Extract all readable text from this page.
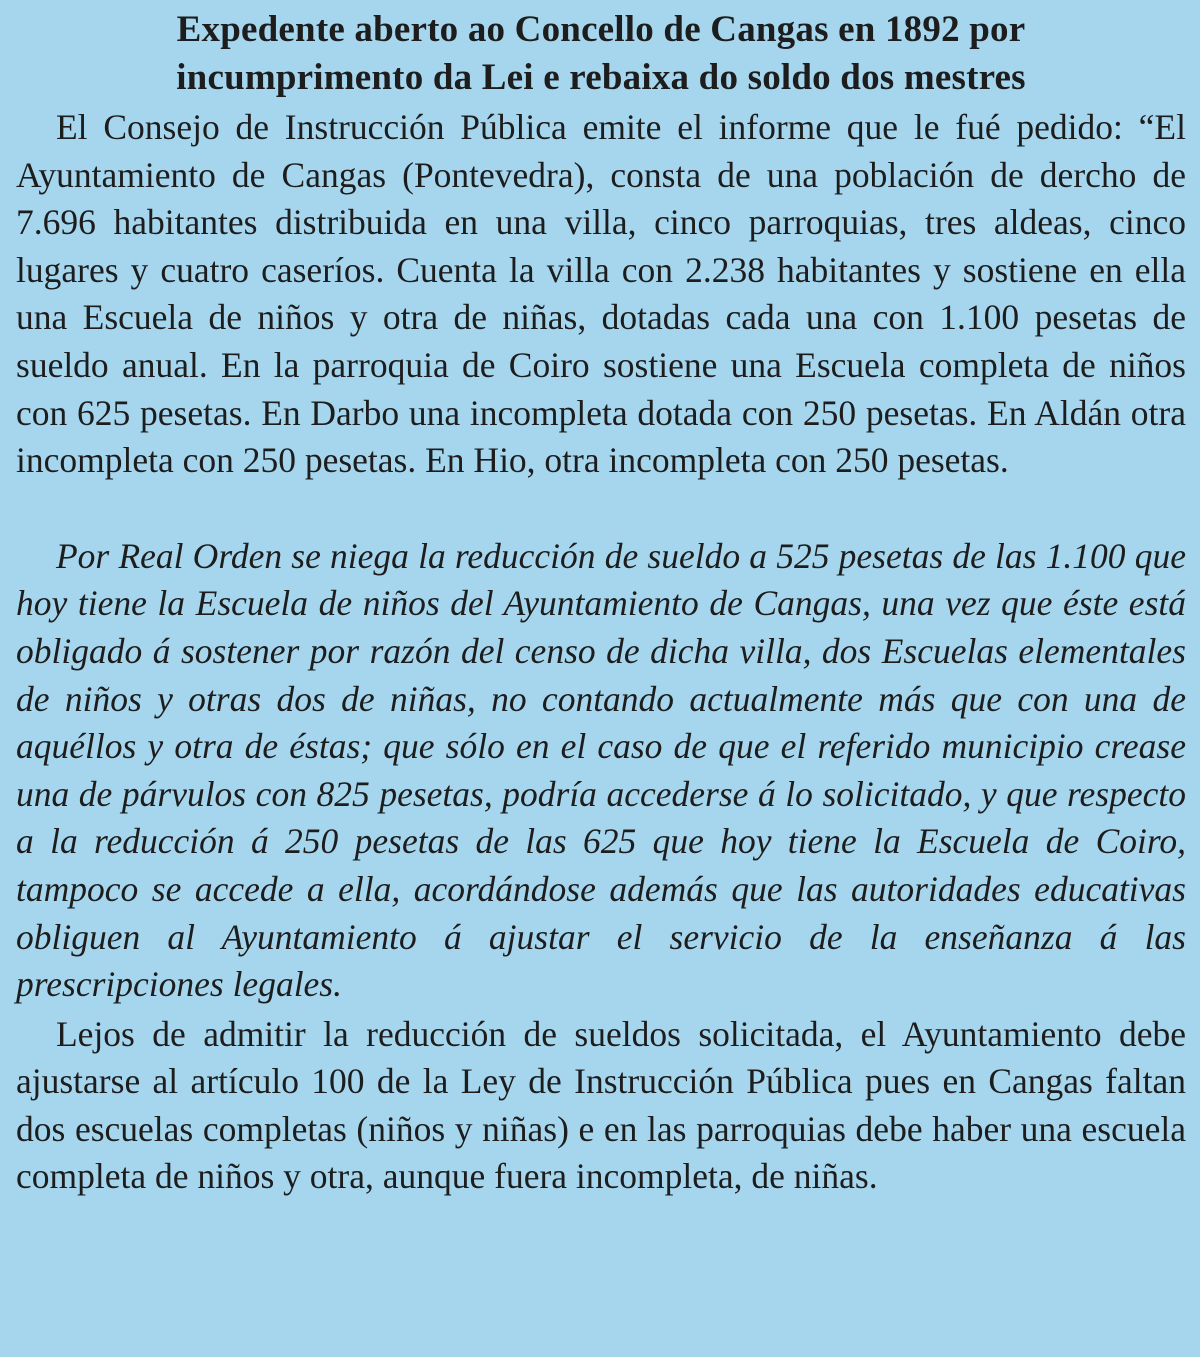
Expedente aberto ao Concello de Cangas en 1892 por
incumprimento da Lei e rebaixa do soldo dos mestres

El Consejo de Instrucción Pública emite el informe que le fué pedido: “El Ayuntamiento de Cangas (Pontevedra), consta de una población de dercho de 7.696 habitantes distribuida en una villa, cinco parroquias, tres aldeas, cinco lugares y cuatro caseríos. Cuenta la villa con 2.238 habitantes y sostiene en ella una Escuela de niños y otra de niñas, dotadas cada una con 1.100 pesetas de sueldo anual. En la parroquia de Coiro sostiene una Escuela completa de niños con 625 pesetas. En Darbo una incompleta dotada con 250 pesetas. En Aldán otra incompleta con 250 pesetas. En Hio, otra incompleta con 250 pesetas.

Por Real Orden se niega la reducción de sueldo a 525 pesetas de las 1.100 que hoy tiene la Escuela de niños del Ayuntamiento de Cangas, una vez que éste está obligado á sostener por razón del censo de dicha villa, dos Escuelas elementales de niños y otras dos de niñas, no contando actualmente más que con una de aquéllos y otra de éstas; que sólo en el caso de que el referido municipio crease una de párvulos con 825 pesetas, podría accederse á lo solicitado, y que respecto a la reducción á 250 pesetas de las 625 que hoy tiene la Escuela de Coiro, tampoco se accede a ella, acordándose además que las autoridades educativas obliguen al Ayuntamiento á ajustar el servicio de la enseñanza á las prescripciones legales.

Lejos de admitir la reducción de sueldos solicitada, el Ayuntamiento debe ajustarse al artículo 100 de la Ley de Instrucción Pública pues en Cangas faltan dos escuelas completas (niños y niñas) e en las parroquias debe haber una escuela completa de niños y otra, aunque fuera incompleta, de niñas.
